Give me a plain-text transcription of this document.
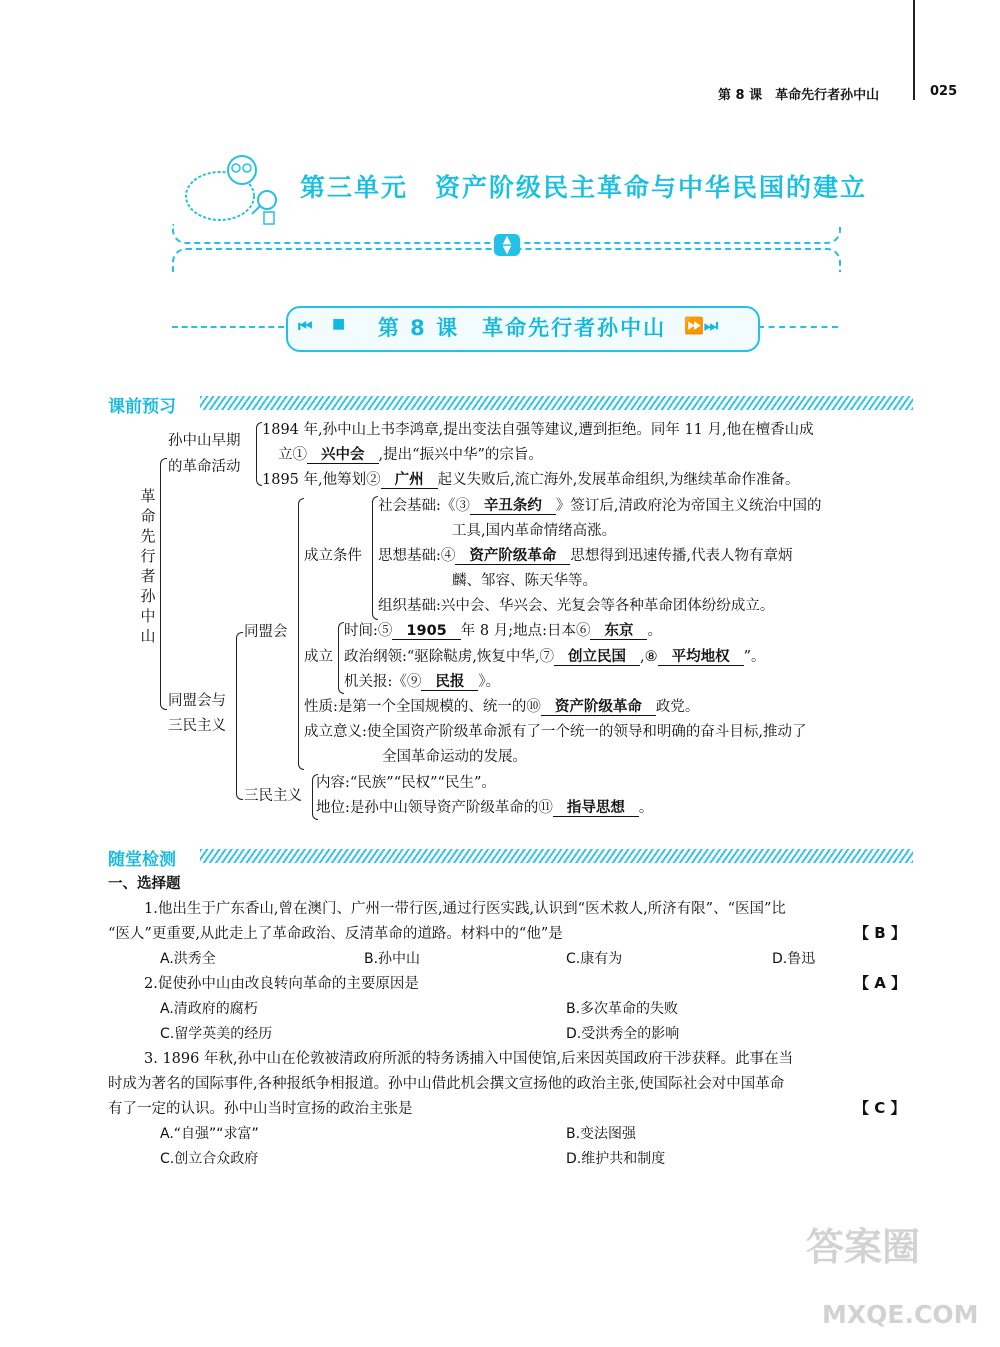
第 8 课　革命先行者孙中山	025
第三单元　资产阶级民主革命与中华民国的建立
▲
▼
⏮ ■	第 8 课　革命先行者孙中山	⏩⏭
课前预习
革命先行者孙中山
孙中山早期
的革命活动
1894 年,孙中山上书李鸿章,提出变法自强等建议,遭到拒绝。同年 11 月,他在檀香山成
立① 兴中会 ,提出“振兴中华”的宗旨。
1895 年,他筹划② 广州 起义失败后,流亡海外,发展革命组织,为继续革命作准备。
同盟会与
三民主义
同盟会
成立条件
社会基础:《③ 辛丑条约 》签订后,清政府沦为帝国主义统治中国的
工具,国内革命情绪高涨。
思想基础:④ 资产阶级革命 思想得到迅速传播,代表人物有章炳
麟、邹容、陈天华等。
组织基础:兴中会、华兴会、光复会等各种革命团体纷纷成立。
成立
时间:⑤ 1905 年 8 月;地点:日本⑥ 东京 。
政治纲领:“驱除鞑虏,恢复中华,⑦ 创立民国 ,⑧ 平均地权 ”。
机关报:《⑨ 民报 》。
性质:是第一个全国规模的、统一的⑩ 资产阶级革命 政党。
成立意义:使全国资产阶级革命派有了一个统一的领导和明确的奋斗目标,推动了
全国革命运动的发展。
三民主义
内容:“民族”“民权”“民生”。
地位:是孙中山领导资产阶级革命的⑪ 指导思想 。
随堂检测
一、选择题
1.他出生于广东香山,曾在澳门、广州一带行医,通过行医实践,认识到“医术救人,所济有限”、“医国”比
“医人”更重要,从此走上了革命政治、反清革命的道路。材料中的“他”是	【 B 】
A.洪秀全	B.孙中山	C.康有为	D.鲁迅
2.促使孙中山由改良转向革命的主要原因是	【 A 】
A.清政府的腐朽	B.多次革命的失败
C.留学英美的经历	D.受洪秀全的影响
3. 1896 年秋,孙中山在伦敦被清政府所派的特务诱捕入中国使馆,后来因英国政府干涉获释。此事在当
时成为著名的国际事件,各种报纸争相报道。孙中山借此机会撰文宣扬他的政治主张,使国际社会对中国革命
有了一定的认识。孙中山当时宣扬的政治主张是	【 C 】
A.“自强”“求富”	B.变法图强
C.创立合众政府	D.维护共和制度
答案圈
MXQE.COM
